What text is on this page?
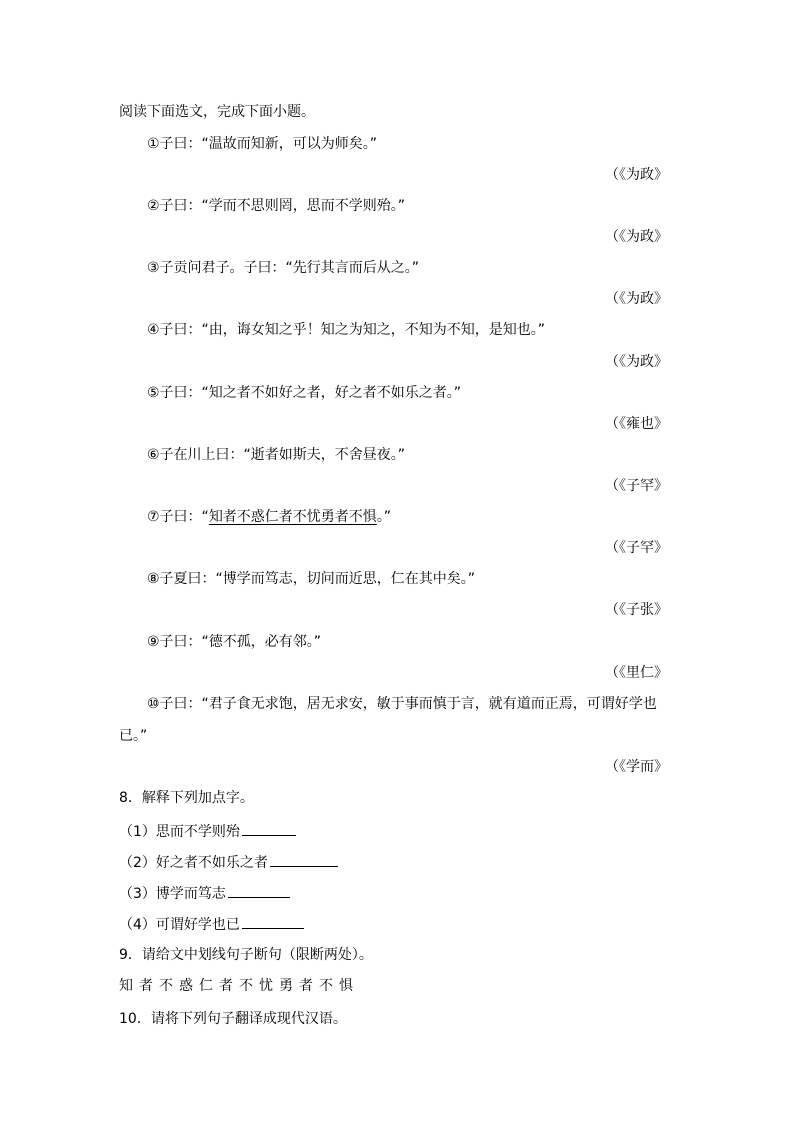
阅读下面选文，完成下面小题。
①子曰：“温故而知新，可以为师矣。”
（《为政》
②子曰：“学而不思则罔，思而不学则殆。”
（《为政》
③子贡问君子。子曰：“先行其言而后从之。”
（《为政》
④子曰：“由，诲女知之乎！知之为知之，不知为不知，是知也。”
（《为政》
⑤子曰：“知之者不如好之者，好之者不如乐之者。”
（《雍也》
⑥子在川上曰：“逝者如斯夫，不舍昼夜。”
（《子罕》
⑦子曰：“知者不惑仁者不忧勇者不惧。”
（《子罕》
⑧子夏曰：“博学而笃志，切问而近思，仁在其中矣。”
（《子张》
⑨子曰：“德不孤，必有邻。”
（《里仁》
⑩子曰：“君子食无求饱，居无求安，敏于事而慎于言，就有道而正焉，可谓好学也
已。”
（《学而》
8．解释下列加点字。
（1）思而不学则殆
（2）好之者不如乐之者
（3）博学而笃志
（4）可谓好学也已
9．请给文中划线句子断句（限断两处）。
知者不惑仁者不忧勇者不惧
10．请将下列句子翻译成现代汉语。
